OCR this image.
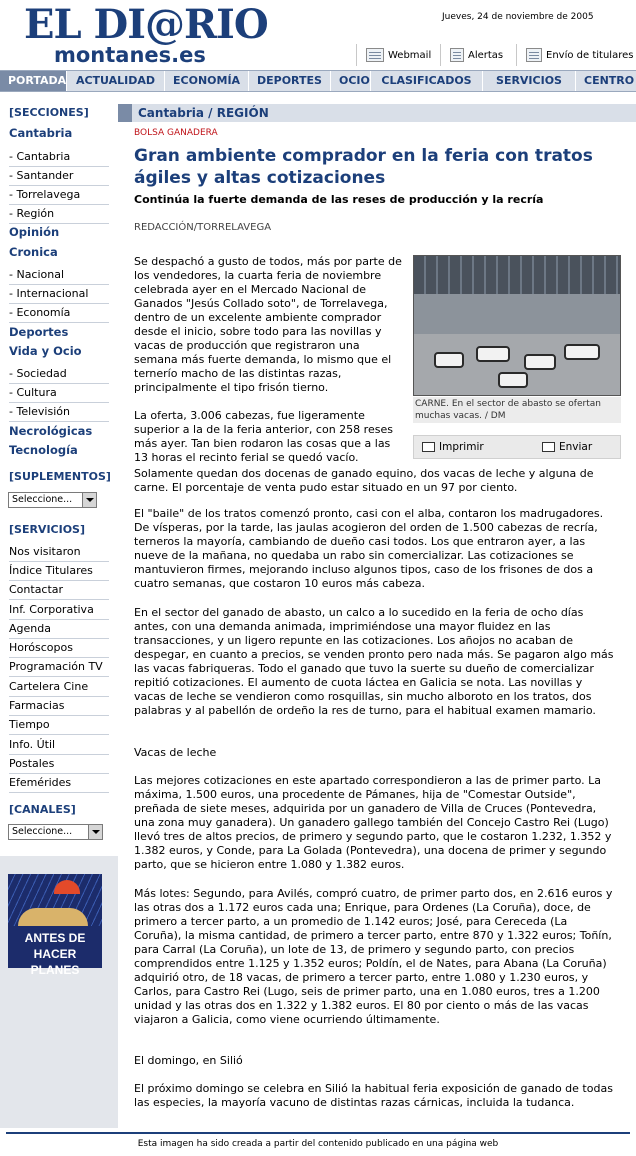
EL DI@RIO
montanes.es
Jueves, 24 de noviembre de 2005
Webmail	Alertas	Envío de titulares
PORTADA ACTUALIDAD	ECONOMÍA	DEPORTES	OCIO	CLASIFICADOS	SERVICIOS	CENTRO
[SECCIONES]
Cantabria
- Cantabria
- Santander
- Torrelavega
- Región
Opinión
Cronica
- Nacional
- Internacional
- Economía
Deportes
Vida y Ocio
- Sociedad
- Cultura
- Televisión
Necrológicas
Tecnología
[SUPLEMENTOS]
Seleccione...
[SERVICIOS]
Nos visitaron
Índice Titulares
Contactar
Inf. Corporativa
Agenda
Horóscopos
Programación TV
Cartelera Cine
Farmacias
Tiempo
Info. Útil
Postales
Efemérides
[CANALES]
Seleccione...
ANTES DE
HACER PLANES
Cantabria / REGIÓN
BOLSA GANADERA
Gran ambiente comprador en la feria con tratos ágiles y altas cotizaciones
Continúa la fuerte demanda de las reses de producción y la recría
REDACCIÓN/TORRELAVEGA
CARNE. En el sector de abasto se ofertan muchas vacas. / DM
Imprimir	Enviar
Se despachó a gusto de todos, más por parte de los vendedores, la cuarta feria de noviembre celebrada ayer en el Mercado Nacional de Ganados "Jesús Collado soto", de Torrelavega, dentro de un excelente ambiente comprador desde el inicio, sobre todo para las novillas y vacas de producción que registraron una semana más fuerte demanda, lo mismo que el ternerío macho de las distintas razas, principalmente el tipo frisón tierno.
La oferta, 3.006 cabezas, fue ligeramente superior a la de la feria anterior, con 258 reses más ayer. Tan bien rodaron las cosas que a las 13 horas el recinto ferial se quedó vacío.
Solamente quedan dos docenas de ganado equino, dos vacas de leche y alguna de carne. El porcentaje de venta pudo estar situado en un 97 por ciento.
El "baile" de los tratos comenzó pronto, casi con el alba, contaron los madrugadores. De vísperas, por la tarde, las jaulas acogieron del orden de 1.500 cabezas de recría, terneros la mayoría, cambiando de dueño casi todos. Los que entraron ayer, a las nueve de la mañana, no quedaba un rabo sin comercializar. Las cotizaciones se mantuvieron firmes, mejorando incluso algunos tipos, caso de los frisones de dos a cuatro semanas, que costaron 10 euros más cabeza.
En el sector del ganado de abasto, un calco a lo sucedido en la feria de ocho días antes, con una demanda animada, imprimiéndose una mayor fluidez en las transacciones, y un ligero repunte en las cotizaciones. Los añojos no acaban de despegar, en cuanto a precios, se venden pronto pero nada más. Se pagaron algo más las vacas fabriqueras. Todo el ganado que tuvo la suerte su dueño de comercializar repitió cotizaciones. El aumento de cuota láctea en Galicia se nota. Las novillas y vacas de leche se vendieron como rosquillas, sin mucho alboroto en los tratos, dos palabras y al pabellón de ordeño la res de turno, para el habitual examen mamario.
Vacas de leche
Las mejores cotizaciones en este apartado correspondieron a las de primer parto. La máxima, 1.500 euros, una procedente de Pámanes, hija de "Comestar Outside", preñada de siete meses, adquirida por un ganadero de Villa de Cruces (Pontevedra, una zona muy ganadera). Un ganadero gallego también del Concejo Castro Rei (Lugo) llevó tres de altos precios, de primero y segundo parto, que le costaron 1.232, 1.352 y 1.382 euros, y Conde, para La Golada (Pontevedra), una docena de primer y segundo parto, que se hicieron entre 1.080 y 1.382 euros.
Más lotes: Segundo, para Avilés, compró cuatro, de primer parto dos, en 2.616 euros y las otras dos a 1.172 euros cada una; Enrique, para Ordenes (La Coruña), doce, de primero a tercer parto, a un promedio de 1.142 euros; José, para Cereceda (La Coruña), la misma cantidad, de primero a tercer parto, entre 870 y 1.322 euros; Toñín, para Carral (La Coruña), un lote de 13, de primero y segundo parto, con precios comprendidos entre 1.125 y 1.352 euros; Poldín, el de Nates, para Abana (La Coruña) adquirió otro, de 18 vacas, de primero a tercer parto, entre 1.080 y 1.230 euros, y Carlos, para Castro Rei (Lugo, seis de primer parto, una en 1.080 euros, tres a 1.200 unidad y las otras dos en 1.322 y 1.382 euros. El 80 por ciento o más de las vacas viajaron a Galicia, como viene ocurriendo últimamente.
El domingo, en Silió
El próximo domingo se celebra en Silió la habitual feria exposición de ganado de todas las especies, la mayoría vacuno de distintas razas cárnicas, incluida la tudanca.
Esta imagen ha sido creada a partir del contenido publicado en una página web
